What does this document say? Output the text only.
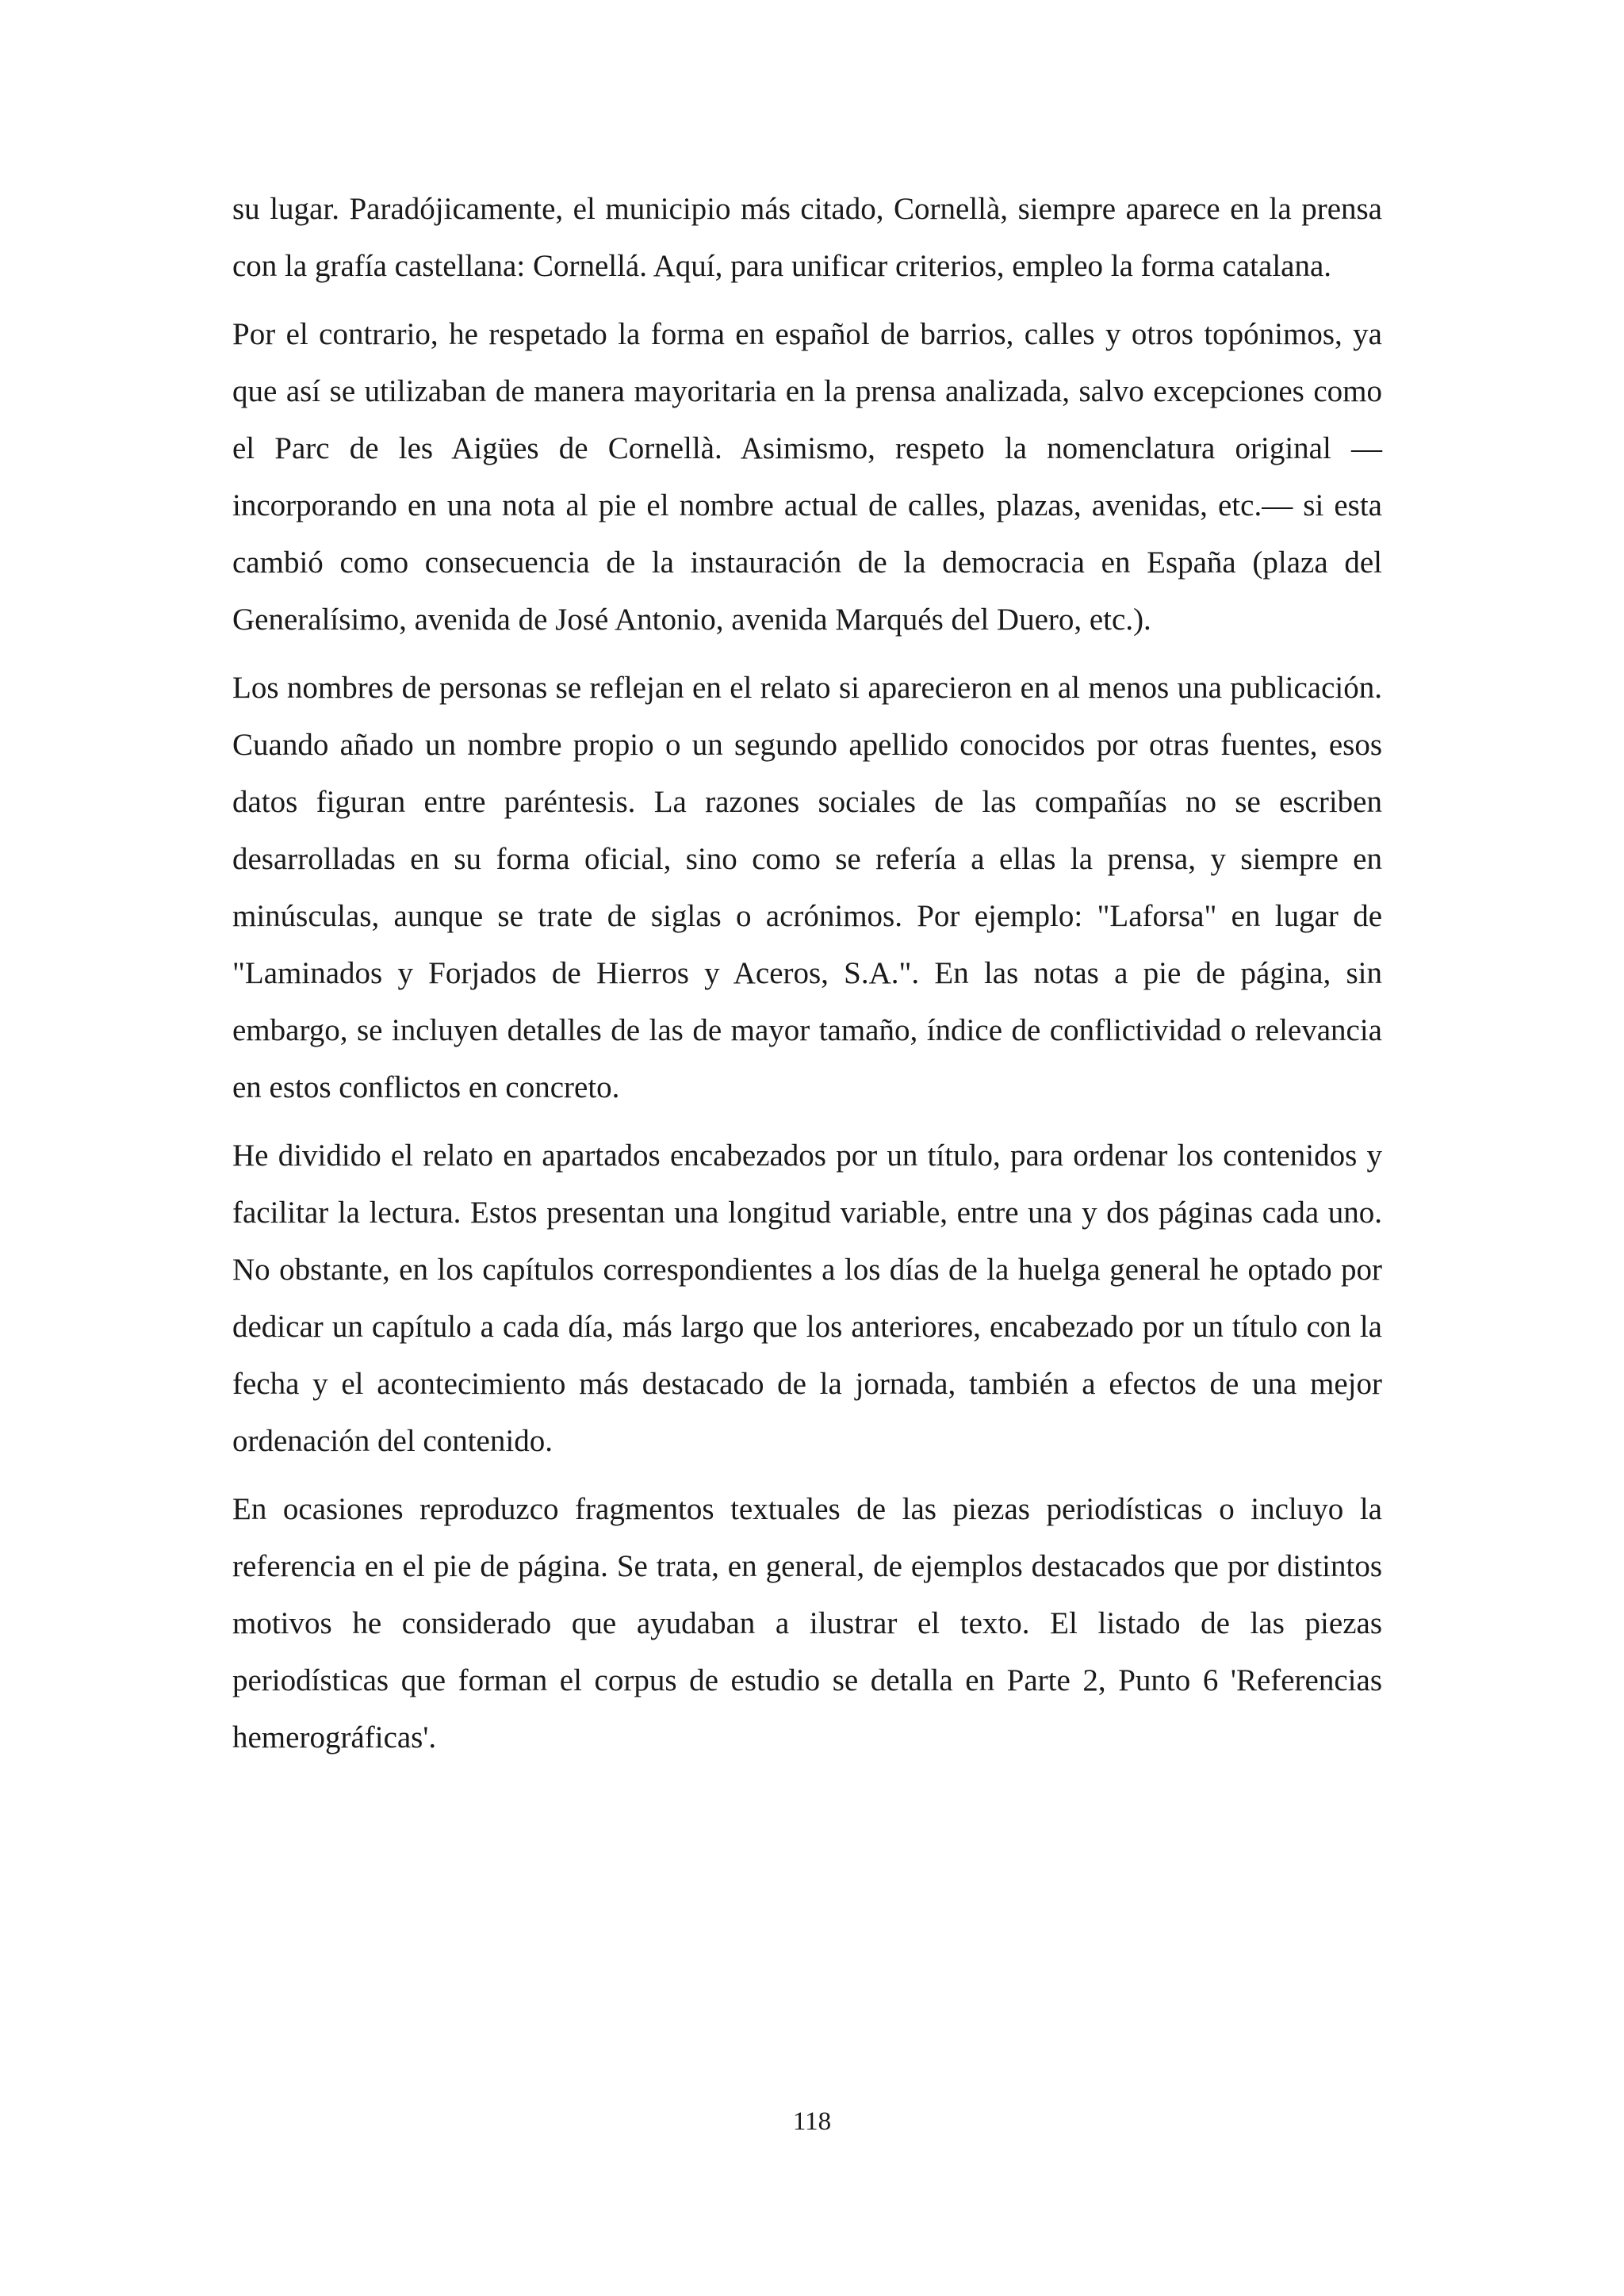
su lugar. Paradójicamente, el municipio más citado, Cornellà, siempre aparece en la prensa con la grafía castellana: Cornellá. Aquí, para unificar criterios, empleo la forma catalana.

Por el contrario, he respetado la forma en español de barrios, calles y otros topónimos, ya que así se utilizaban de manera mayoritaria en la prensa analizada, salvo excepciones como el Parc de les Aigües de Cornellà. Asimismo, respeto la nomenclatura original —incorporando en una nota al pie el nombre actual de calles, plazas, avenidas, etc.— si esta cambió como consecuencia de la instauración de la democracia en España (plaza del Generalísimo, avenida de José Antonio, avenida Marqués del Duero, etc.).

Los nombres de personas se reflejan en el relato si aparecieron en al menos una publicación. Cuando añado un nombre propio o un segundo apellido conocidos por otras fuentes, esos datos figuran entre paréntesis. La razones sociales de las compañías no se escriben desarrolladas en su forma oficial, sino como se refería a ellas la prensa, y siempre en minúsculas, aunque se trate de siglas o acrónimos. Por ejemplo: "Laforsa" en lugar de "Laminados y Forjados de Hierros y Aceros, S.A.". En las notas a pie de página, sin embargo, se incluyen detalles de las de mayor tamaño, índice de conflictividad o relevancia en estos conflictos en concreto.

He dividido el relato en apartados encabezados por un título, para ordenar los contenidos y facilitar la lectura. Estos presentan una longitud variable, entre una y dos páginas cada uno. No obstante, en los capítulos correspondientes a los días de la huelga general he optado por dedicar un capítulo a cada día, más largo que los anteriores, encabezado por un título con la fecha y el acontecimiento más destacado de la jornada, también a efectos de una mejor ordenación del contenido.

En ocasiones reproduzco fragmentos textuales de las piezas periodísticas o incluyo la referencia en el pie de página. Se trata, en general, de ejemplos destacados que por distintos motivos he considerado que ayudaban a ilustrar el texto. El listado de las piezas periodísticas que forman el corpus de estudio se detalla en Parte 2, Punto 6 'Referencias hemerográficas'.

118
